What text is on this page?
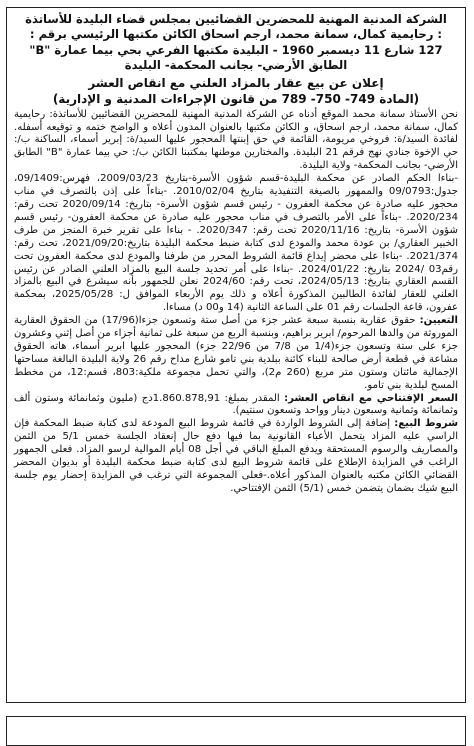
الشركة المدنية المهنية للمحضرين القضائيين بمجلس قضاء البليدة للأساتذة
: رحايمية كمال، سمانة محمد، ارجم اسحاق الكائن مكتبها الرئيسي برقم :
127 شارع 11 ديسمبر 1960 - البليدة مكتبها الفرعي بحي بيما عمارة "B"
الطابق الأرضي- بجانب المحكمة- البليدة
إعلان عن بيع عقار بالمزاد العلني مع انقاص العشر
(المادة 749- 750- 789 من قانون الإجراءات المدنية و الإدارية)

نحن الأستاذ سمانة محمد الموقع أدناه عن الشركة المدنية المهنية للمحضرين القضائيين للأساتذة: رحايمية كمال، سمانة محمد، ارجم اسحاق، و الكائن مكتبها بالعنوان المدون أعلاه و الواضح ختمه و توقيعه أسفله. لفائدة السيد/ة: فروخي مريومة، القائمة في حق إبنتها المحجور عليها السيد/ة: إبرير أسماء، الساكنة ب/: حي الإخوة جنادي نهج فرقم 21 البليدة. والمختارين موطنها بمكتبنا الكائن ب/: حي بيما عمارة "B" الطابق الأرضي- بجانب المحكمة- ولاية البليدة.

-بناءا الحكم الصادر عن محكمة البليدة-قسم شؤون الأسرة-بتاريخ 2009/03/23، فهرس:09/1409، جدول:09/0793 والممهور بالصيغة التنفيذية بتاريخ 2010/02/04. -بناءاً على إذن بالتصرف في مناب محجور عليه صادرة عن محكمة العفرون - رئيس قسم شؤون الأسرة- بتاريخ: 2020/09/14 تحت رقم: 2020/234. -بناءاً على الأمر بالتصرف في مناب محجور عليه صادرة عن محكمة العفرون- رئيس قسم شؤون الأسرة- بتاريخ: 2020/11/16 تحت رقم: 2020/347. - بناءا على تقرير خبرة المنجز من طرف الخبير العقاري/ بن عودة محمد والمودع لدى كتابة ضبط محكمة البليدة بتاريخ:2021/09/20، تحت رقم: 2021/374. -بناءا على محضر إيداع قائمة الشروط المحرر من طرفنا والمودع لدى محكمة العفرون تحت رقم03 /2024 بتاريخ: 2024/01/22. -بناءا على أمر تحديد جلسة البيع بالمزاد العلني الصادر عن رئيس القسم العقاري بتاريخ: 2024/05/13، تحت رقم: 2024/60 نعلن للجمهور بأنه سيشرع في البيع بالمزاد العلني للعقار لفائدة الطالبين المذكورة أعلاه و ذلك يوم الأربعاء الموافق ل: 2025/05/28، بمحكمة عفرون، قاعة الجلسات رقم 01 على الساعة الثانية (14 و00 د) مساءا.

التعيين: حقوق عقارية بنسبة سبعة عشر جزء من أصل ستة وتسعون جزءا(17/96) من الحقوق العقارية الموروثة من والدها المرحوم/ ابرير براهيم، وبنسبة الربع من سبعة على ثمانية أجزاء من أصل إثني وعشرون جزء على ستة وتسعون جزء(1/4 من 7/8 من 22/96 جزء) المحجور عليها ابرير أسماء، هاته الحقوق مشاعة في قطعة أرض صالحة للبناء كائنة ببلدية بني تامو شارع مداح رقم 26 ولاية البليدة البالغة مساحتها الإجمالية مائتان وستون متر مربع (260 م2)، والتي تحمل مجموعة ملكية:803، قسم:12، من مخطط المسح لبلدية بني تامو.

السعر الإفتتاحي مع انقاص العشر: المقدر بمبلغ: 1.860.878,91دج (مليون وثمانمائة وستون ألف وثمانمائة وثمانية وسبعون دينار وواحد وتسعون سنتيم).

شروط البيع: إضافة إلى الشروط الواردة في قائمة شروط البيع المودعة لدى كتابة ضبط المحكمة فإن الراسي عليه المزاد يتحمل الأعباء القانونية بما فيها دفع حال إنعقاد الجلسة خمس 5/1 من الثمن والمصاريف والرسوم المستحقة ويدفع المبلغ الباقي في أجل 08 أيام الموالية لرسو المزاد. فعلى الجمهور الراغب في المزايدة الإطلاع على قائمة شروط البيع لدى كتابة ضبط محكمة البليدة أو بديوان المحضر القضائي الكائن مكتبه بالعنوان المذكور أعلاه.-فعلى المجموعة التي ترغب في المزايدة إحضار يوم جلسة البيع شيك بضمان يتضمن خمس (5/1) الثمن الإفتتاحي.
